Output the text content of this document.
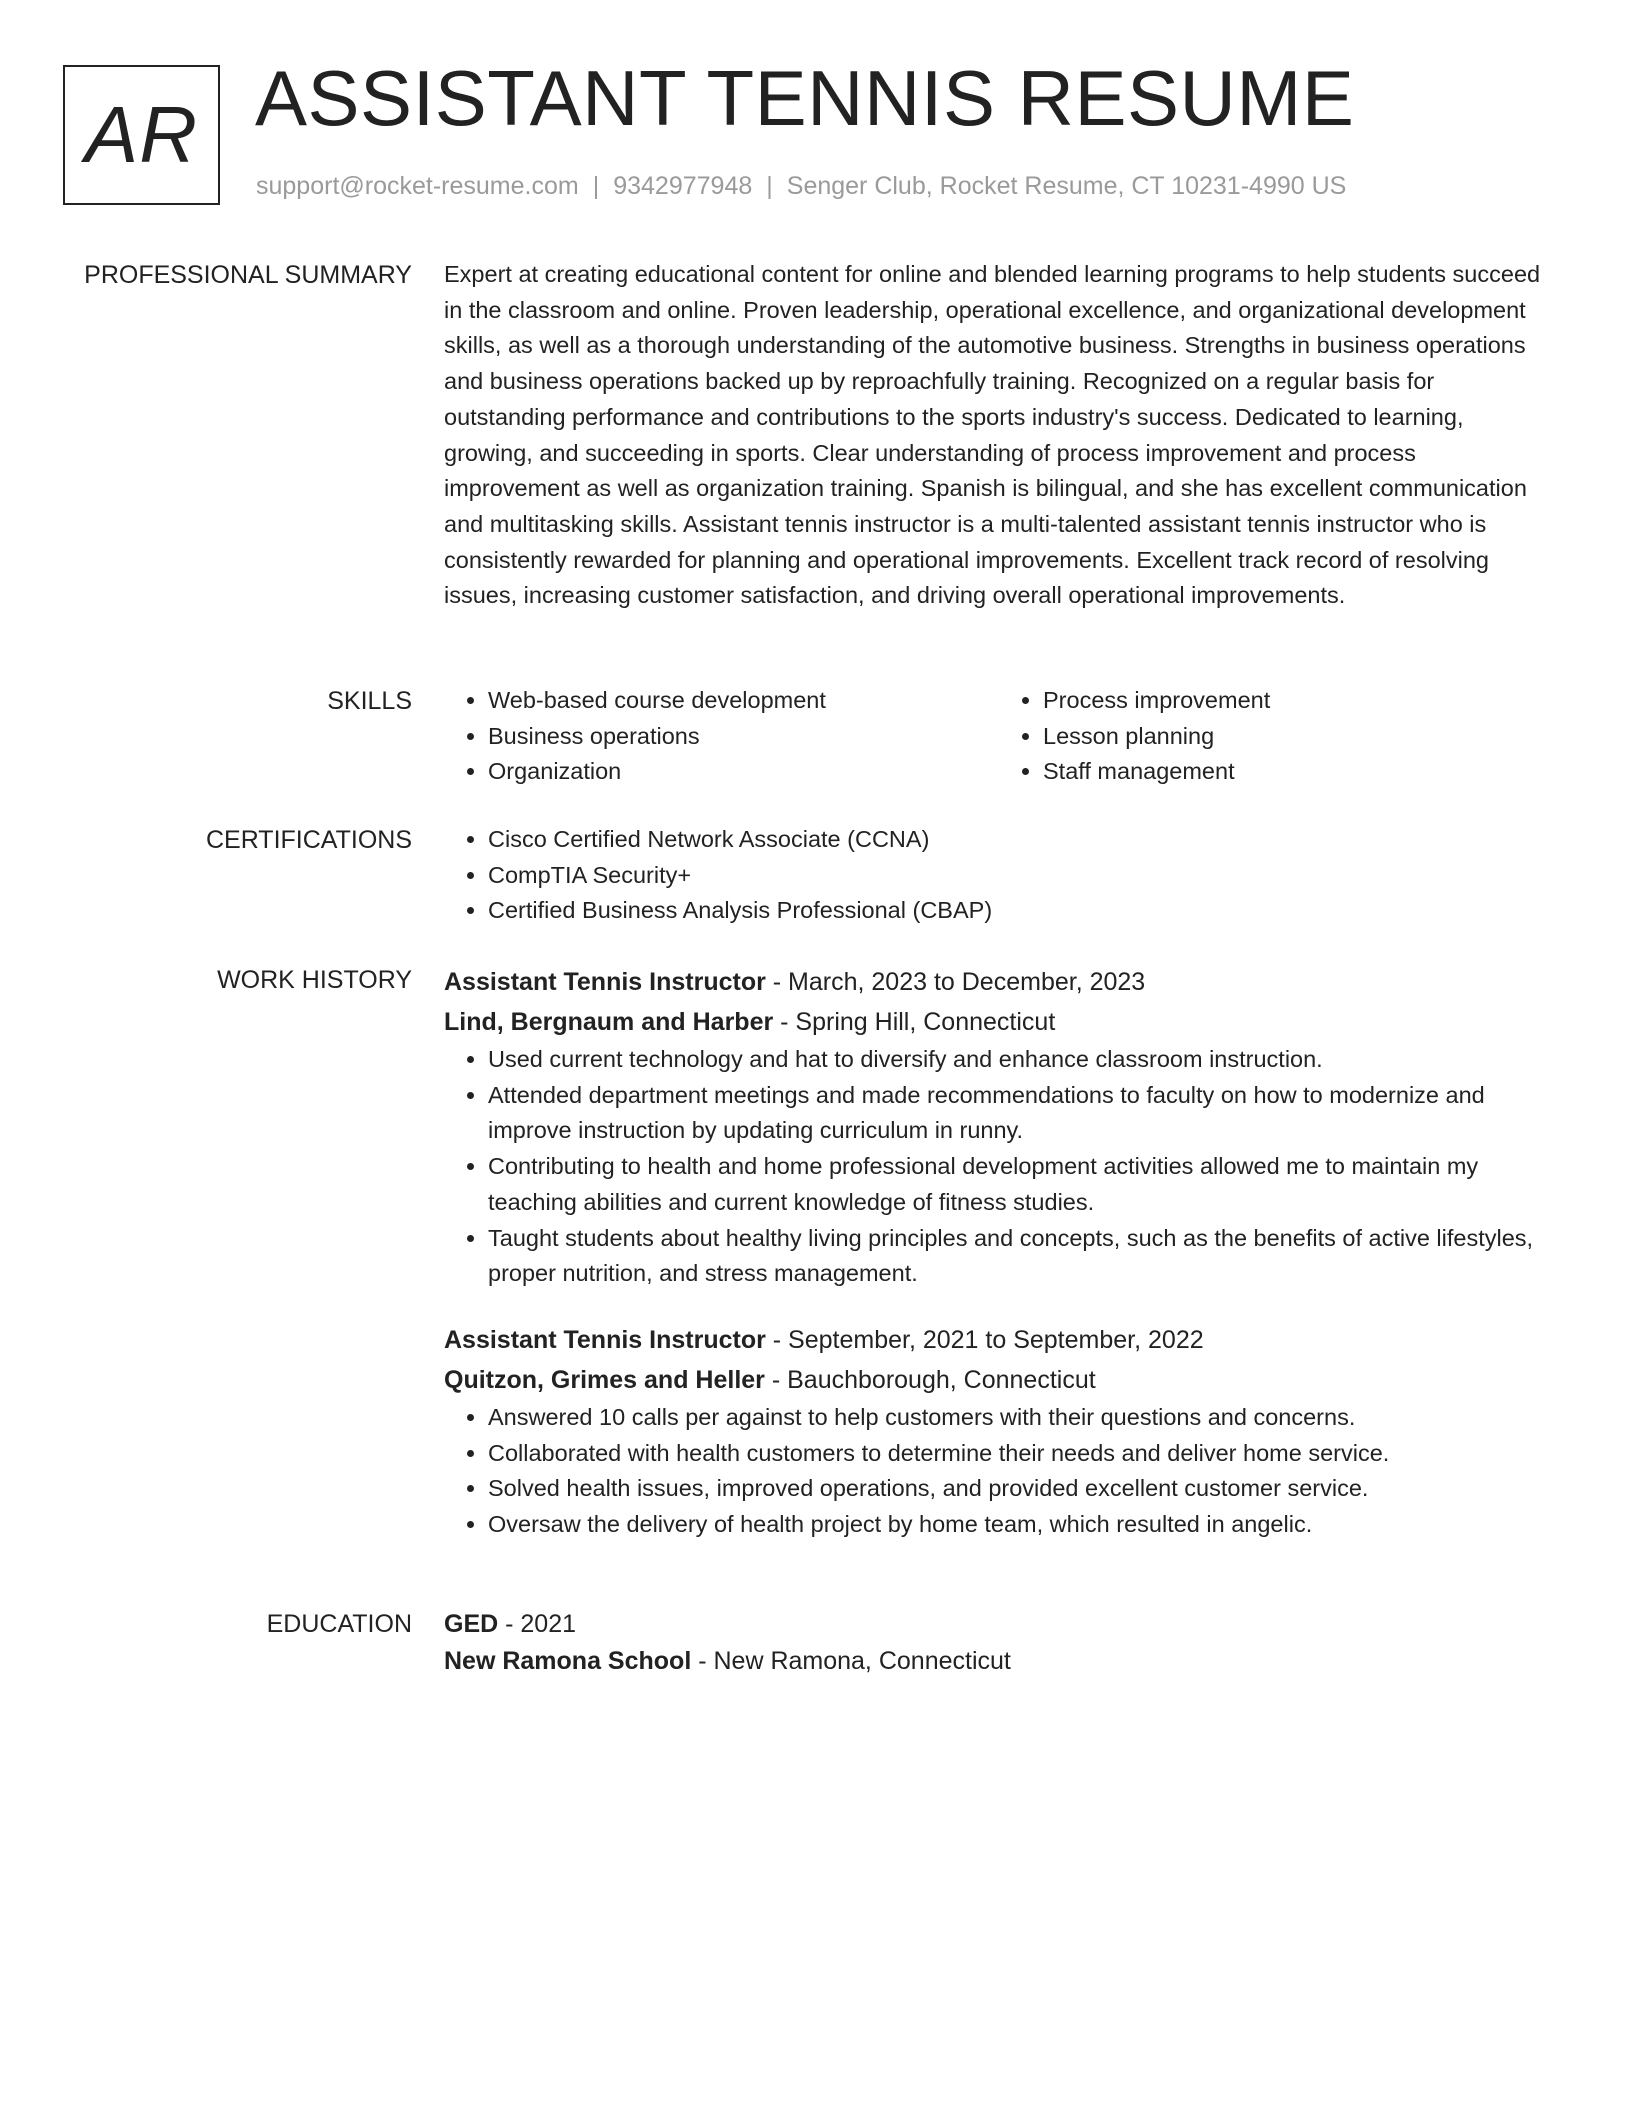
AR ASSISTANT TENNIS RESUME
support@rocket-resume.com | 9342977948 | Senger Club, Rocket Resume, CT 10231-4990 US
PROFESSIONAL SUMMARY Expert at creating educational content for online and blended learning programs to help students succeed in the classroom and online. Proven leadership, operational excellence, and organizational development skills, as well as a thorough understanding of the automotive business. Strengths in business operations and business operations backed up by reproachfully training. Recognized on a regular basis for outstanding performance and contributions to the sports industry's success. Dedicated to learning, growing, and succeeding in sports. Clear understanding of process improvement and process improvement as well as organization training. Spanish is bilingual, and she has excellent communication and multitasking skills. Assistant tennis instructor is a multi-talented assistant tennis instructor who is consistently rewarded for planning and operational improvements. Excellent track record of resolving issues, increasing customer satisfaction, and driving overall operational improvements.

SKILLS	• Web-based course development
• Business operations
• Organization
• Process improvement
• Lesson planning
• Staff management
CERTIFICATIONS	• Cisco Certified Network Associate (CCNA)
• CompTIA Security+
• Certified Business Analysis Professional (CBAP)
WORK HISTORY Assistant Tennis Instructor - March, 2023 to December, 2023
Lind, Bergnaum and Harber - Spring Hill, Connecticut
• Used current technology and hat to diversify and enhance classroom instruction.
• Attended department meetings and made recommendations to faculty on how to modernize and improve instruction by updating curriculum in runny.
• Contributing to health and home professional development activities allowed me to maintain my teaching abilities and current knowledge of fitness studies.
• Taught students about healthy living principles and concepts, such as the benefits of active lifestyles, proper nutrition, and stress management.
Assistant Tennis Instructor - September, 2021 to September, 2022
Quitzon, Grimes and Heller - Bauchborough, Connecticut
• Answered 10 calls per against to help customers with their questions and concerns.
• Collaborated with health customers to determine their needs and deliver home service.
• Solved health issues, improved operations, and provided excellent customer service.
• Oversaw the delivery of health project by home team, which resulted in angelic.
EDUCATION GED - 2021
New Ramona School - New Ramona, Connecticut
